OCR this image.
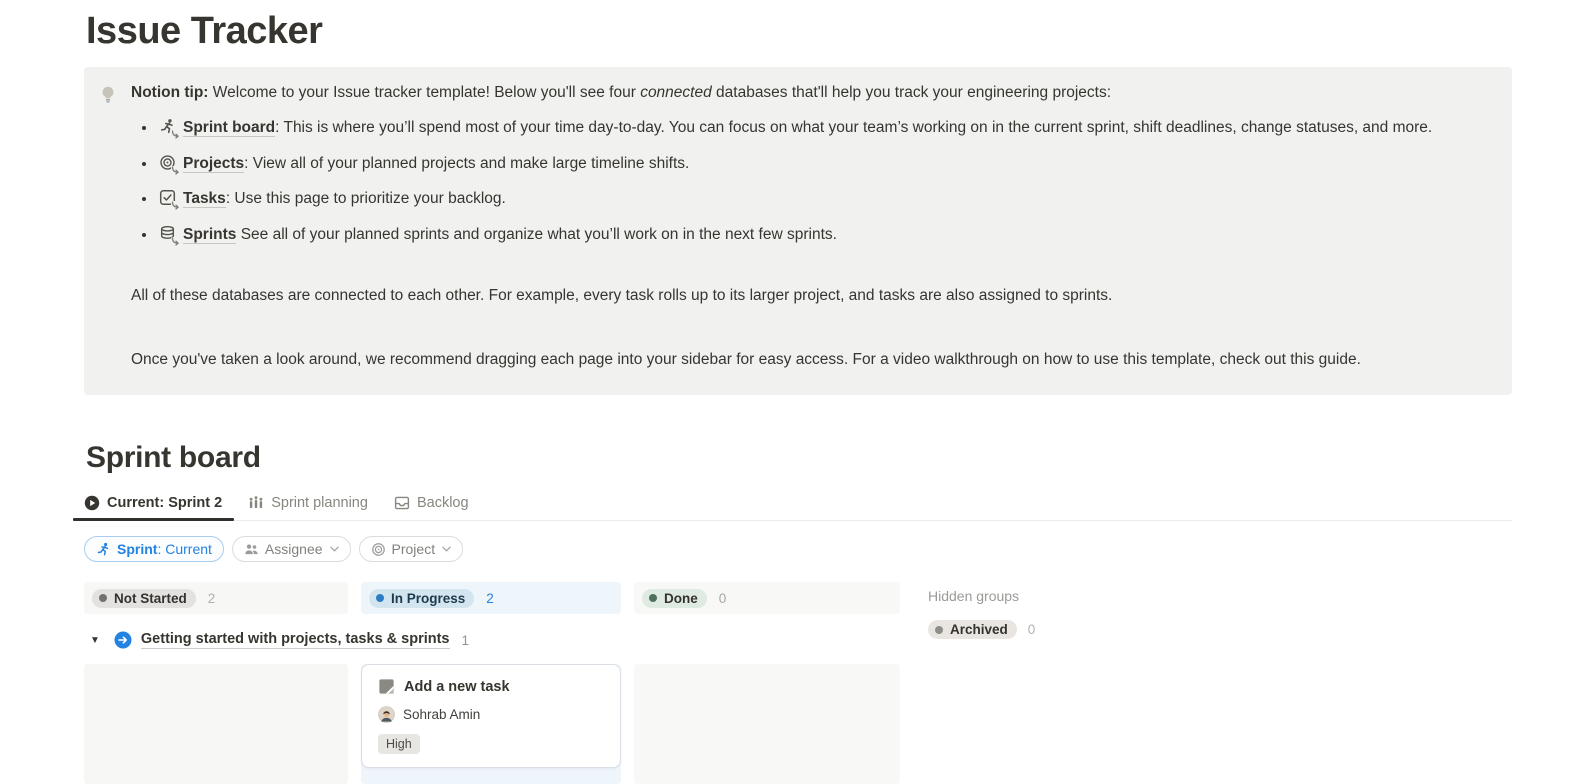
Issue Tracker

Notion tip: Welcome to your Issue tracker template! Below you'll see four connected databases that'll help you track your engineering projects:

• Sprint board: This is where you’ll spend most of your time day-to-day. You can focus on what your team’s working on in the current sprint, shift deadlines, change statuses, and more.
• Projects: View all of your planned projects and make large timeline shifts.
• Tasks: Use this page to prioritize your backlog.
• Sprints See all of your planned sprints and organize what you’ll work on in the next few sprints.

All of these databases are connected to each other. For example, every task rolls up to its larger project, and tasks are also assigned to sprints.

Once you've taken a look around, we recommend dragging each page into your sidebar for easy access. For a video walkthrough on how to use this template, check out this guide.

Sprint board
Current: Sprint 2	Sprint planning	Backlog
Sprint: Current	Assignee	Project
Not Started 2	In Progress 2	Done 0
▼	Getting started with projects, tasks & sprints 1
Add a new task
Sohrab Amin
High
Hidden groups
Archived 0
